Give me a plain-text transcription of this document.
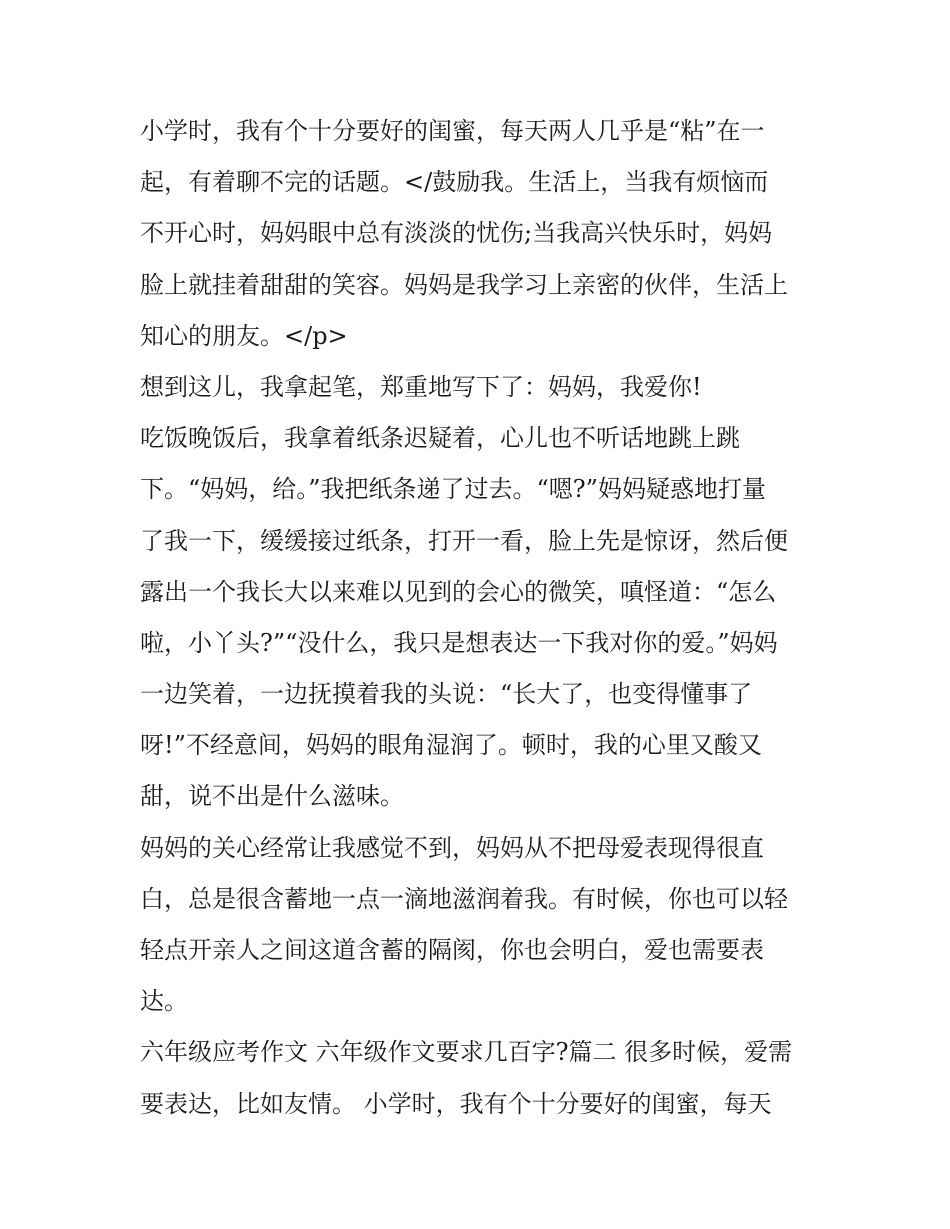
小学时，我有个十分要好的闺蜜，每天两人几乎是“粘”在一
起，有着聊不完的话题。</鼓励我。生活上，当我有烦恼而
不开心时，妈妈眼中总有淡淡的忧伤;当我高兴快乐时，妈妈
脸上就挂着甜甜的笑容。妈妈是我学习上亲密的伙伴，生活上
知心的朋友。</p>
想到这儿，我拿起笔，郑重地写下了：妈妈，我爱你!
吃饭晚饭后，我拿着纸条迟疑着，心儿也不听话地跳上跳
下。“妈妈，给。”我把纸条递了过去。“嗯?”妈妈疑惑地打量
了我一下，缓缓接过纸条，打开一看，脸上先是惊讶，然后便
露出一个我长大以来难以见到的会心的微笑，嗔怪道：“怎么
啦，小丫头?”“没什么，我只是想表达一下我对你的爱。”妈妈
一边笑着，一边抚摸着我的头说：“长大了，也变得懂事了
呀!”不经意间，妈妈的眼角湿润了。顿时，我的心里又酸又
甜，说不出是什么滋味。
妈妈的关心经常让我感觉不到，妈妈从不把母爱表现得很直
白，总是很含蓄地一点一滴地滋润着我。有时候，你也可以轻
轻点开亲人之间这道含蓄的隔阂，你也会明白，爱也需要表
达。
六年级应考作文 六年级作文要求几百字?篇二 很多时候，爱需
要表达，比如友情。 小学时，我有个十分要好的闺蜜，每天
